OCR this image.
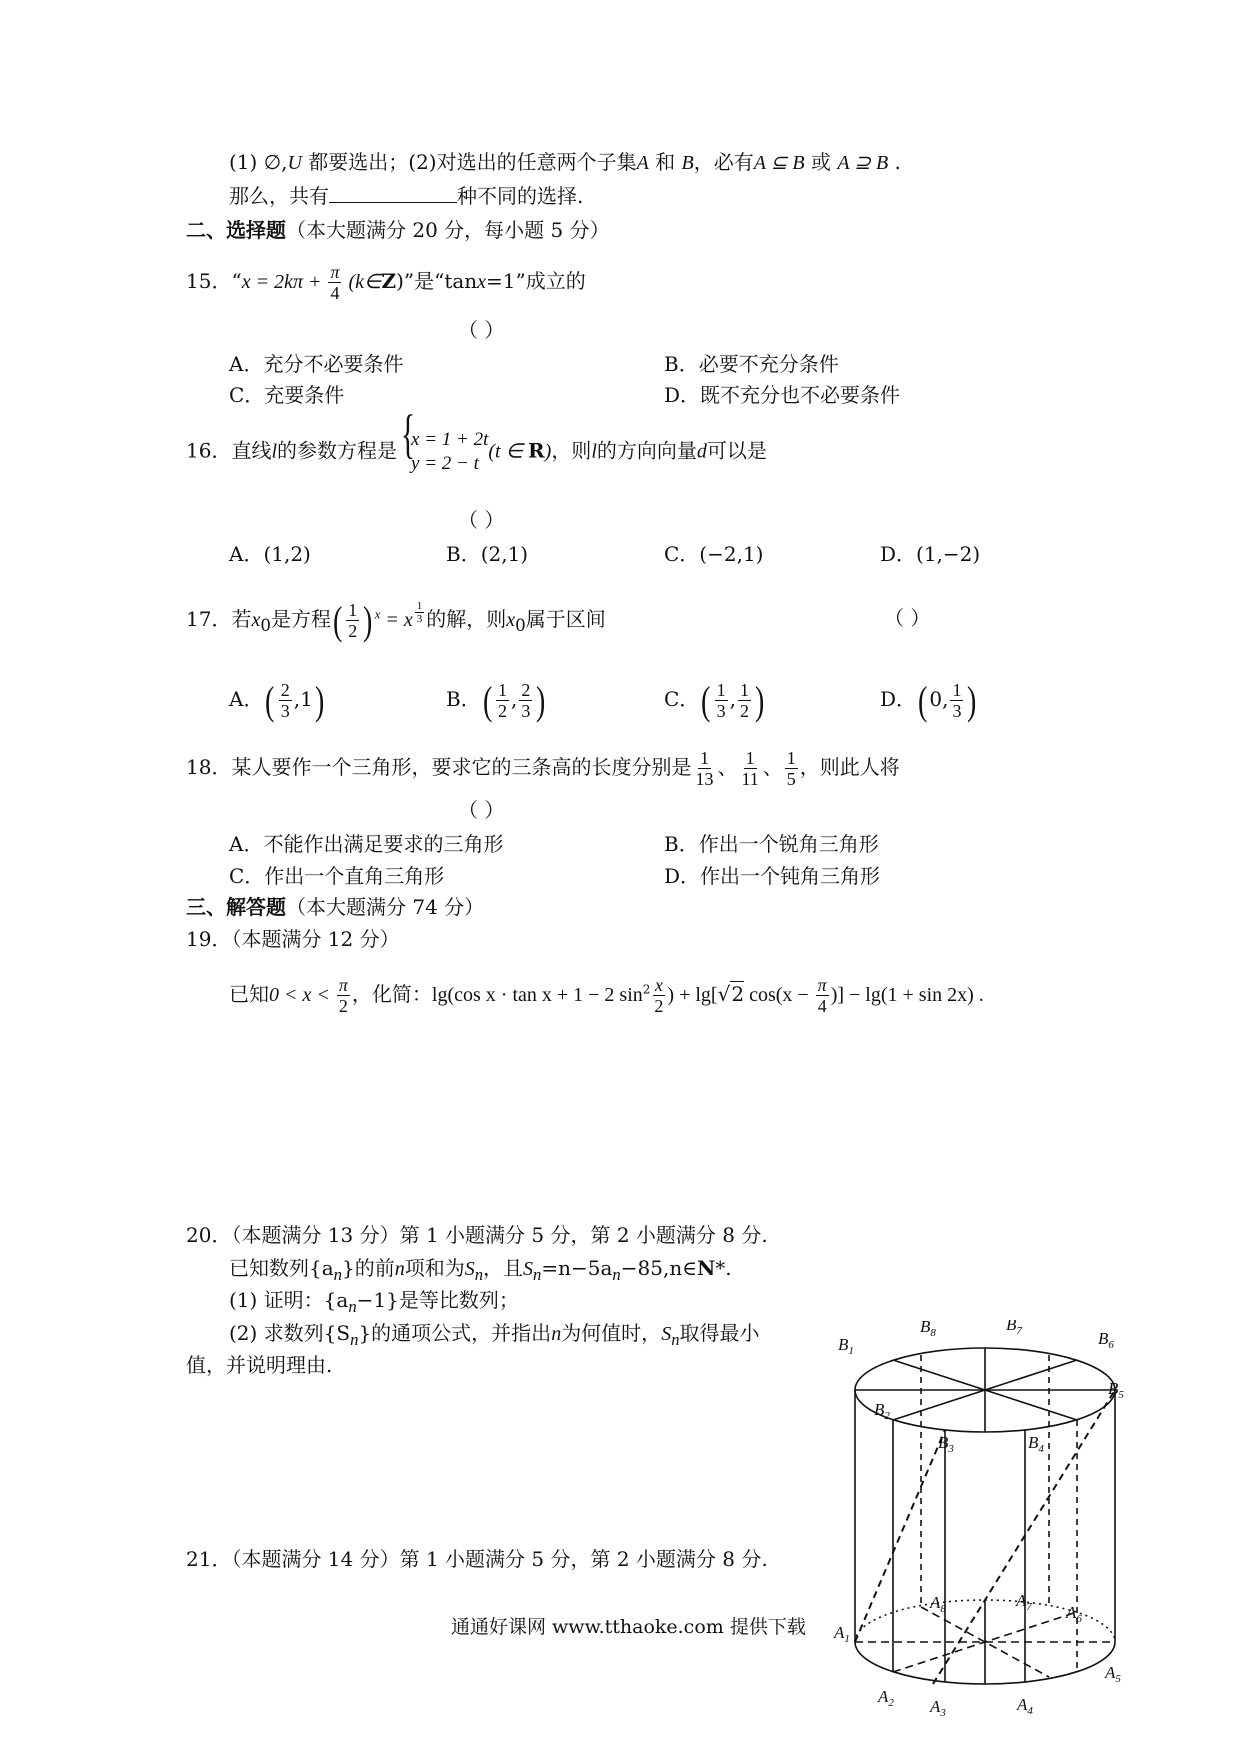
(1) ∅,U 都要选出；(2)对选出的任意两个子集A 和 B，必有A ⊆ B 或 A ⊇ B .
那么，共有	种不同的选择.
二、选择题（本大题满分 20 分，每小题 5 分）
15．“$x = 2k\pi + \frac{\pi}{4}$ (k∈Z)”是“tanx=1”成立的
（ ）
A．充分不必要条件	B．必要不充分条件
C．充要条件	D．既不充分也不必要条件
16．直线l的参数方程是{ x = 1 + 2t
y = 2 − t(t ∈ R)，则l的方向向量d可以是
（ ）
A．(1,2)	B．(2,1)	C．(−2,1)	D．(1,−2)
17．若$x_0$是方程( $\frac{1}{2}$ ) $^x$ = x $\frac{1}{3}$ 的解，则$x_0$属于区间	（ ）
A．( $\frac{2}{3} ,1$)	B．( $\frac{1}{2}$ , $\frac{2}{3}$ )	C．( $\frac{1}{3}$ , $\frac{1}{2}$ )	D．(0, $\frac{1}{3}$ )
18．某人要作一个三角形，要求它的三条高的长度分别是 $\frac{1}{13}$ 、 $\frac{1}{11}$ 、 $\frac{1}{5}$ ，则此人将
（ ）
A．不能作出满足要求的三角形	B．作出一个锐角三角形
C．作出一个直角三角形	D．作出一个钝角三角形
三、解答题（本大题满分 74 分）
19．（本题满分 12 分）
已知$0 < x < \frac{\pi}{2}$ ，化简：lg(cos x · tan x + 1 − 2 $\sin^2 \frac{x}{2}$ ) + lg[√2 $\cos(x - \frac{\pi}{4}$ )] − lg(1 + sin 2x) .
20．（本题满分 13 分）第 1 小题满分 5 分，第 2 小题满分 8 分.
已知数列$\{a_n\}$的前n项和为$S_n$，且$S_n=n-5a_n-85,n\in N*$.
(1) 证明：$\{a_n-1\}$是等比数列；
(2) 求数列$\{S_n\}$的通项公式，并指出n为何值时，$S_n$取得最小
值，并说明理由.
21．（本题满分 14 分）第 1 小题满分 5 分，第 2 小题满分 8 分.
$B_1$
$B_2$
$B_3$	$B_4$
$B_5$
$B_6$
$B_7$
$B_8$
$A_1$
$A_2$ $A_3$	$A_4$
$A_5$
$A_6$
$A_7$
$A_8$
通通好课网 www.tthaoke.com 提供下载
